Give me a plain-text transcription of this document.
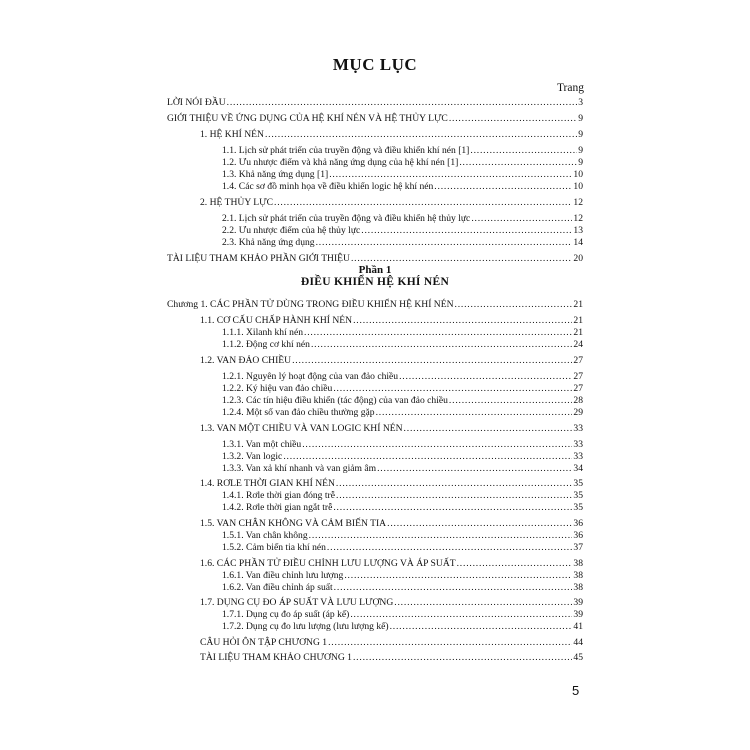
MỤC LỤC
Trang
Phần 1
ĐIỀU KHIỂN HỆ KHÍ NÉN
LỜI NÓI ĐẦU .....	3
GIỚI THIỆU VỀ ỨNG DỤNG CỦA HỆ KHÍ NÉN VÀ HỆ THỦY LỰC .....	9
1. HỆ KHÍ NÉN .....	9
1.1. Lịch sử phát triển của truyền động và điều khiển khí nén [1] .....	9
1.2. Ưu nhược điểm và khả năng ứng dụng của hệ khí nén [1] .....	9
1.3. Khả năng ứng dụng [1] .....	10
1.4. Các sơ đồ minh họa về điều khiển logic hệ khí nén .....	10
2. HỆ THỦY LỰC .....	12
2.1. Lịch sử phát triển của truyền động và điều khiển hệ thủy lực .....	12
2.2. Ưu nhược điểm của hệ thủy lực .....	13
2.3. Khả năng ứng dụng .....	14
TÀI LIỆU THAM KHẢO PHẦN GIỚI THIỆU .....	20
Chương 1. CÁC PHẦN TỬ DÙNG TRONG ĐIỀU KHIỂN HỆ KHÍ NÉN .....	21
1.1. CƠ CẤU CHẤP HÀNH KHÍ NÉN .....	21
1.1.1. Xilanh khí nén .....	21
1.1.2. Động cơ khí nén .....	24
1.2. VAN ĐẢO CHIỀU .....	27
1.2.1. Nguyên lý hoạt động của van đảo chiều .....	27
1.2.2. Ký hiệu van đảo chiều .....	27
1.2.3. Các tín hiệu điều khiển (tác động) của van đảo chiều .....	28
1.2.4. Một số van đảo chiều thường gặp .....	29
1.3. VAN MỘT CHIỀU VÀ VAN LOGIC KHÍ NÉN .....	33
1.3.1. Van một chiều .....	33
1.3.2. Van logic .....	33
1.3.3. Van xả khí nhanh và van giảm âm .....	34
1.4. RƠLE THỜI GIAN KHÍ NÉN .....	35
1.4.1. Rơle thời gian đóng trễ .....	35
1.4.2. Rơle thời gian ngắt trễ .....	35
1.5. VAN CHÂN KHÔNG VÀ CẢM BIẾN TIA .....	36
1.5.1. Van chân không .....	36
1.5.2. Cảm biến tia khí nén .....	37
1.6. CÁC PHẦN TỬ ĐIỀU CHỈNH LƯU LƯỢNG VÀ ÁP SUẤT .....	38
1.6.1. Van điều chỉnh lưu lượng .....	38
1.6.2. Van điều chỉnh áp suất .....	38
1.7. DỤNG CỤ ĐO ÁP SUẤT VÀ LƯU LƯỢNG .....	39
1.7.1. Dụng cụ đo áp suất (áp kế) .....	39
1.7.2. Dụng cụ đo lưu lượng (lưu lượng kế) .....	41
CÂU HỎI ÔN TẬP CHƯƠNG 1 .....	44
TÀI LIỆU THAM KHẢO CHƯƠNG 1 .....	45
5
